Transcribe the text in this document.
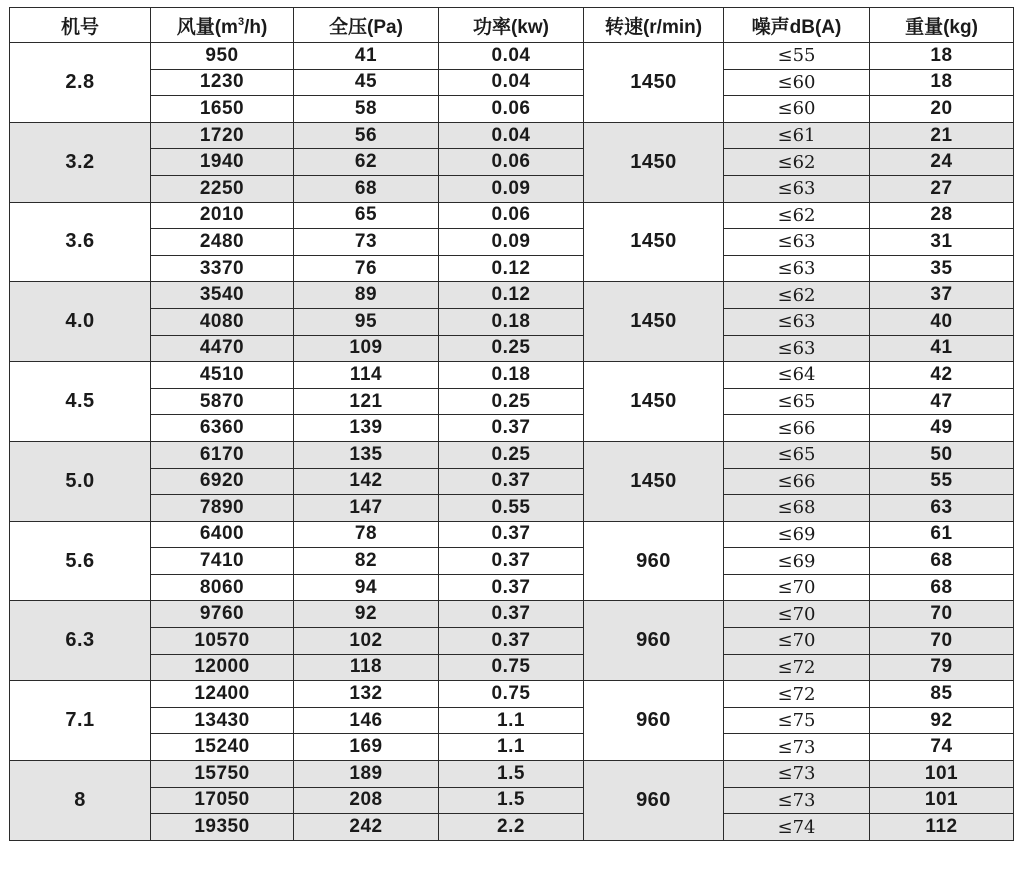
机号	风量$(m^3/h)$	全压(Pa)	功率(kw)	转速(r/min)	噪声dB(A)	重量(kg)
2.8	950	41	0.04	1450	≤55	18
	1230	45	0.04		≤60	18
	1650	58	0.06		≤60	20
3.2	1720	56	0.04	1450	≤61	21
	1940	62	0.06		≤62	24
	2250	68	0.09		≤63	27
3.6	2010	65	0.06	1450	≤62	28
	2480	73	0.09		≤63	31
	3370	76	0.12		≤63	35
4.0	3540	89	0.12	1450	≤62	37
	4080	95	0.18		≤63	40
	4470	109	0.25		≤63	41
4.5	4510	114	0.18	1450	≤64	42
	5870	121	0.25		≤65	47
	6360	139	0.37		≤66	49
5.0	6170	135	0.25	1450	≤65	50
	6920	142	0.37		≤66	55
	7890	147	0.55		≤68	63
5.6	6400	78	0.37	960	≤69	61
	7410	82	0.37		≤69	68
	8060	94	0.37		≤70	68
6.3	9760	92	0.37	960	≤70	70
	10570	102	0.37		≤70	70
	12000	118	0.75		≤72	79
7.1	12400	132	0.75	960	≤72	85
	13430	146	1.1		≤75	92
	15240	169	1.1		≤73	74
8	15750	189	1.5	960	≤73	101
	17050	208	1.5		≤73	101
	19350	242	2.2		≤74	112
